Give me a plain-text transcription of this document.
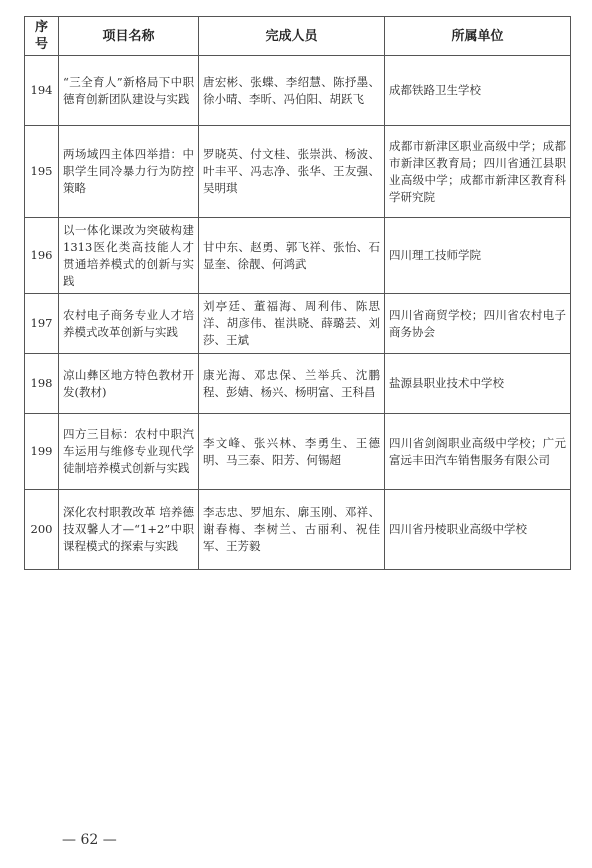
序号	项目名称	完成人员	所属单位
194	“三全育人”新格局下中职德育创新团队建设与实践	唐宏彬、张蝶、李绍慧、陈抒墨、徐小晴、李昕、冯伯阳、胡跃飞	成都铁路卫生学校
195	两场域四主体四举措：中职学生同冷暴力行为防控策略	罗晓英、付文桂、张崇洪、杨波、叶丰平、冯志净、张华、王友强、吴明琪	成都市新津区职业高级中学；成都市新津区教育局；四川省通江县职业高级中学；成都市新津区教育科学研究院
196	以一体化课改为突破构建1313医化类高技能人才贯通培养模式的创新与实践	甘中东、赵勇、郭飞祥、张怡、石显奎、徐靓、何鸿武	四川理工技师学院
197	农村电子商务专业人才培养模式改革创新与实践	刘亭廷、董福海、周利伟、陈思洋、胡彦伟、崔洪晓、薛璐芸、刘莎、王斌	四川省商贸学校；四川省农村电子商务协会
198	凉山彝区地方特色教材开发(教材)	康光海、邓忠保、兰举兵、沈鹏程、彭婧、杨兴、杨明富、王科昌	盐源县职业技术中学校
199	四方三目标：农村中职汽车运用与维修专业现代学徒制培养模式创新与实践	李文峰、张兴林、李勇生、王德明、马三泰、阳芳、何锡超	四川省剑阁职业高级中学校；广元富远丰田汽车销售服务有限公司
200	深化农村职教改革 培养德技双馨人才—“1+2”中职课程模式的探索与实践	李志忠、罗旭东、廓玉刚、邓祥、谢春梅、李树兰、古丽利、祝佳军、王芳毅	四川省丹棱职业高级中学校
— 62 —
